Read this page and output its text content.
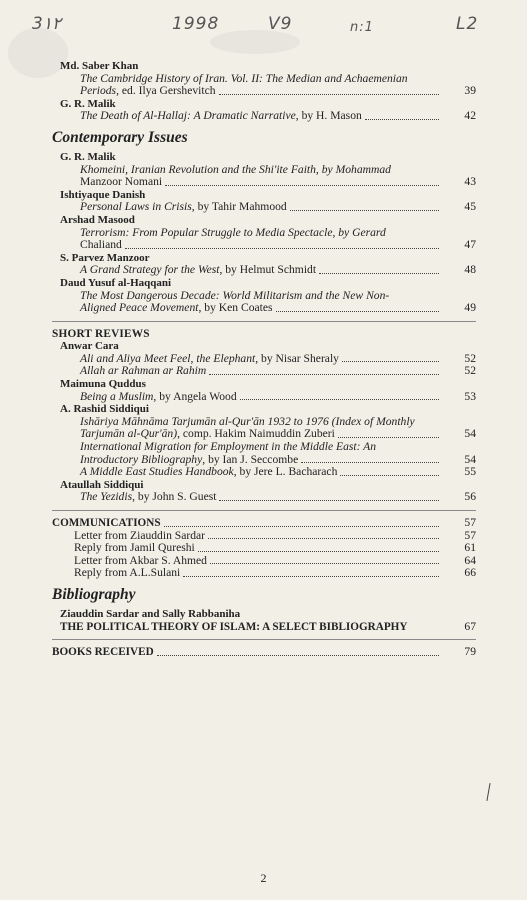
3۱۲	1998	V9	n:1	L2
Md. Saber Khan
The Cambridge History of Iran. Vol. II: The Median and Achaemenian
Periods, ed. Ilya Gershevitch	39
G. R. Malik
The Death of Al-Hallaj: A Dramatic Narrative, by H. Mason	42
Contemporary Issues
G. R. Malik
Khomeini, Iranian Revolution and the Shi'ite Faith, by Mohammad
Manzoor Nomani	43
Ishtiyaque Danish
Personal Laws in Crisis, by Tahir Mahmood	45
Arshad Masood
Terrorism: From Popular Struggle to Media Spectacle, by Gerard
Chaliand	47
S. Parvez Manzoor
A Grand Strategy for the West, by Helmut Schmidt	48
Daud Yusuf al-Haqqani
The Most Dangerous Decade: World Militarism and the New Non-
Aligned Peace Movement, by Ken Coates	49
SHORT REVIEWS
Anwar Cara
Ali and Aliya Meet Feel, the Elephant, by Nisar Sheraly	52
Allah ar Rahman ar Rahim	52
Maimuna Quddus
Being a Muslim, by Angela Wood	53
A. Rashid Siddiqui
Ishāriya Māhnāma Tarjumān al-Qur'ān 1932 to 1976 (Index of Monthly
Tarjumān al-Qur'ān), comp. Hakim Naimuddin Zuberi	54
International Migration for Employment in the Middle East: An
Introductory Bibliography, by Ian J. Seccombe	54
A Middle East Studies Handbook, by Jere L. Bacharach	55
Ataullah Siddiqui
The Yezidis, by John S. Guest	56
COMMUNICATIONS	57
Letter from Ziauddin Sardar	57
Reply from Jamil Qureshi	61
Letter from Akbar S. Ahmed	64
Reply from A.L.Sulani	66
Bibliography
Ziauddin Sardar and Sally Rabbaniha
THE POLITICAL THEORY OF ISLAM: A SELECT BIBLIOGRAPHY	67
BOOKS RECEIVED	79
2
